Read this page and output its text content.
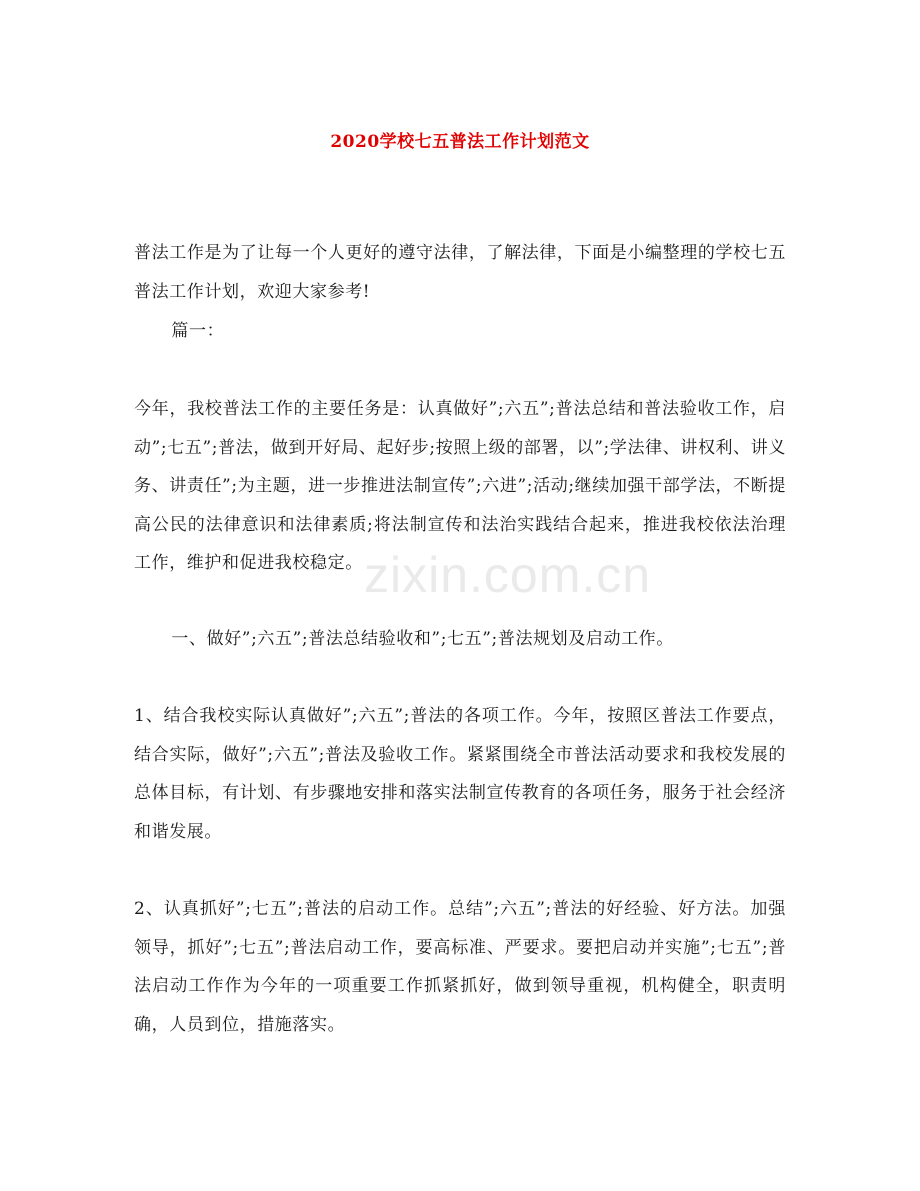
2020学校七五普法工作计划范文

普法工作是为了让每一个人更好的遵守法律，了解法律，下面是小编整理的学校七五普法工作计划，欢迎大家参考!

篇一：

今年，我校普法工作的主要任务是：认真做好”;六五”;普法总结和普法验收工作，启动”;七五”;普法，做到开好局、起好步;按照上级的部署，以”;学法律、讲权利、讲义务、讲责任”;为主题，进一步推进法制宣传”;六进”;活动;继续加强干部学法，不断提高公民的法律意识和法律素质;将法制宣传和法治实践结合起来，推进我校依法治理工作，维护和促进我校稳定。

一、做好”;六五”;普法总结验收和”;七五”;普法规划及启动工作。

1、结合我校实际认真做好”;六五”;普法的各项工作。今年，按照区普法工作要点，结合实际，做好”;六五”;普法及验收工作。紧紧围绕全市普法活动要求和我校发展的总体目标，有计划、有步骤地安排和落实法制宣传教育的各项任务，服务于社会经济和谐发展。

2、认真抓好”;七五”;普法的启动工作。总结”;六五”;普法的好经验、好方法。加强领导，抓好”;七五”;普法启动工作，要高标准、严要求。要把启动并实施”;七五”;普法启动工作作为今年的一项重要工作抓紧抓好，做到领导重视，机构健全，职责明确，人员到位，措施落实。

zixin.com.cn
